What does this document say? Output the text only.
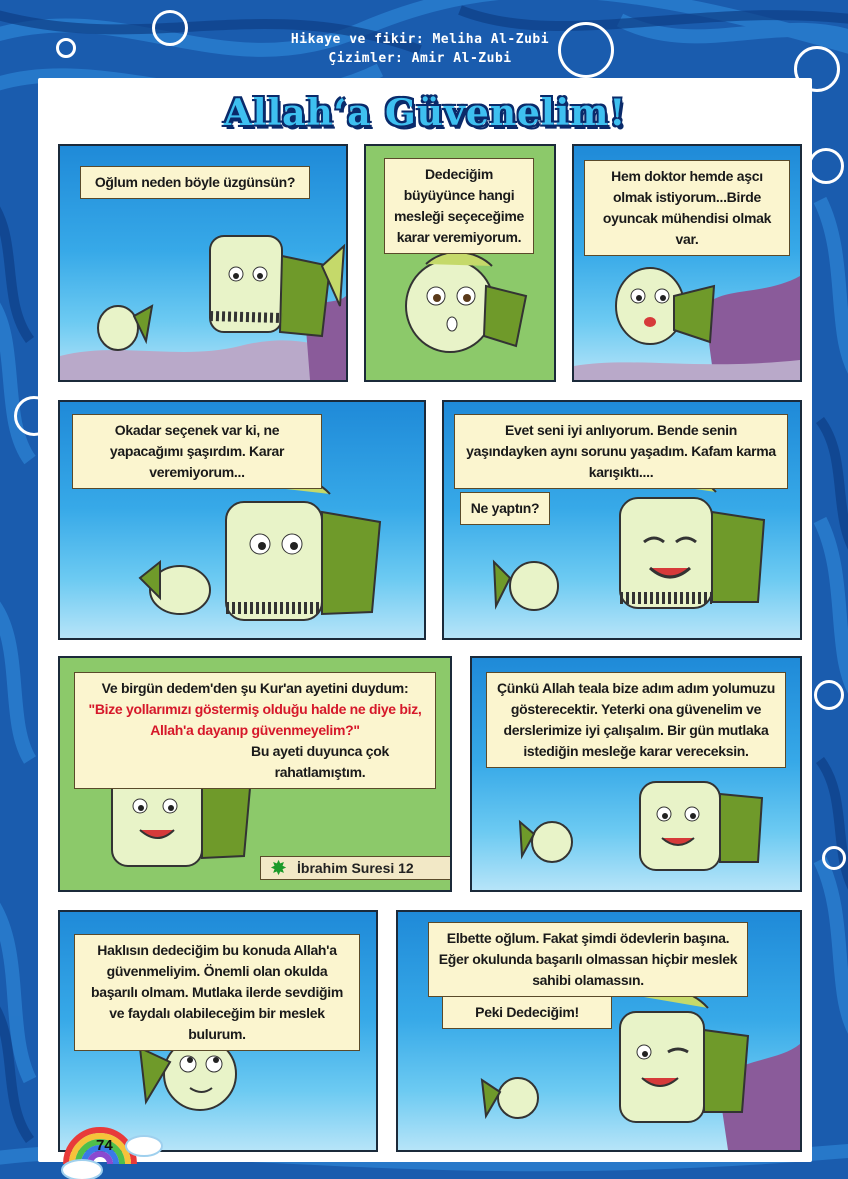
Hikaye ve fikir: Meliha Al-Zubi
Çizimler: Amir Al-Zubi
Allah‘a Güvenelim!
Oğlum neden böyle üzgünsün?	Dedeciğim büyüyünce hangi mesleği seçeceğime karar veremiyorum.
Hem doktor hemde aşcı olmak istiyorum...Birde oyuncak mühendisi olmak var.
Okadar seçenek var ki, ne yapacağımı şaşırdım. Karar veremiyorum...
Evet seni iyi anlıyorum. Bende senin yaşındayken aynı sorunu yaşadım. Kafam karma karışıktı....
Ne yaptın?
Ve birgün dedem'den şu Kur'an ayetini duydum:
"Bize yollarımızı göstermiş olduğu halde ne diye biz, Allah'a dayanıp güvenmeyelim?"
Bu ayeti duyunca çok rahatlamıştım.
✸ İbrahim Suresi 12
Çünkü Allah teala bize adım adım yolumuzu gösterecektir. Yeterki ona güvenelim ve derslerimize iyi çalışalım. Bir gün mutlaka istediğin mesleğe karar vereceksin.
Haklısın dedeciğim bu konuda Allah'a güvenmeliyim. Önemli olan okulda başarılı olmam. Mutlaka ilerde sevdiğim ve faydalı olabileceğim bir meslek bulurum.
Elbette oğlum. Fakat şimdi ödevlerin başına. Eğer okulunda başarılı olmassan hiçbir meslek sahibi olamassın.
Peki Dedeciğim!
74
